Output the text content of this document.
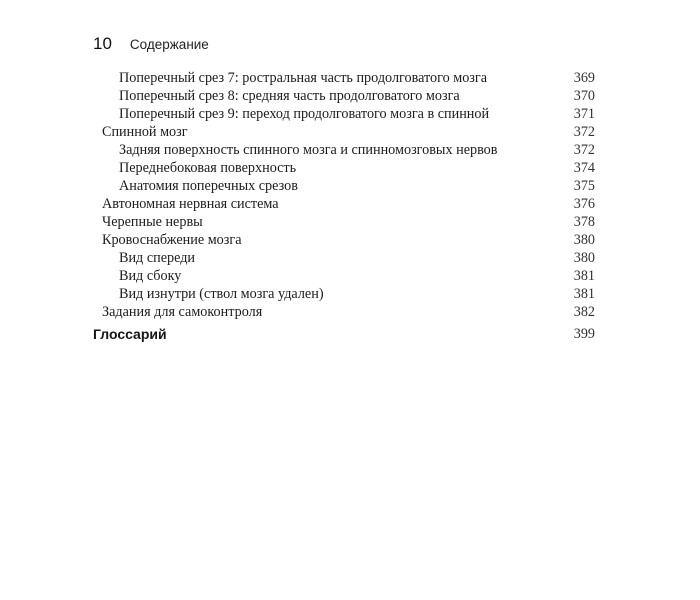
10 Содержание
Поперечный срез 7: ростральная часть продолговатого мозга	369
Поперечный срез 8: средняя часть продолговатого мозга	370
Поперечный срез 9: переход продолговатого мозга в спинной	371
Спинной мозг	372
Задняя поверхность спинного мозга и спинномозговых нервов	372
Переднебоковая поверхность	374
Анатомия поперечных срезов	375
Автономная нервная система	376
Черепные нервы	378
Кровоснабжение мозга	380
Вид спереди	380
Вид сбоку	381
Вид изнутри (ствол мозга удален)	381
Задания для самоконтроля	382
Глоссарий	399
